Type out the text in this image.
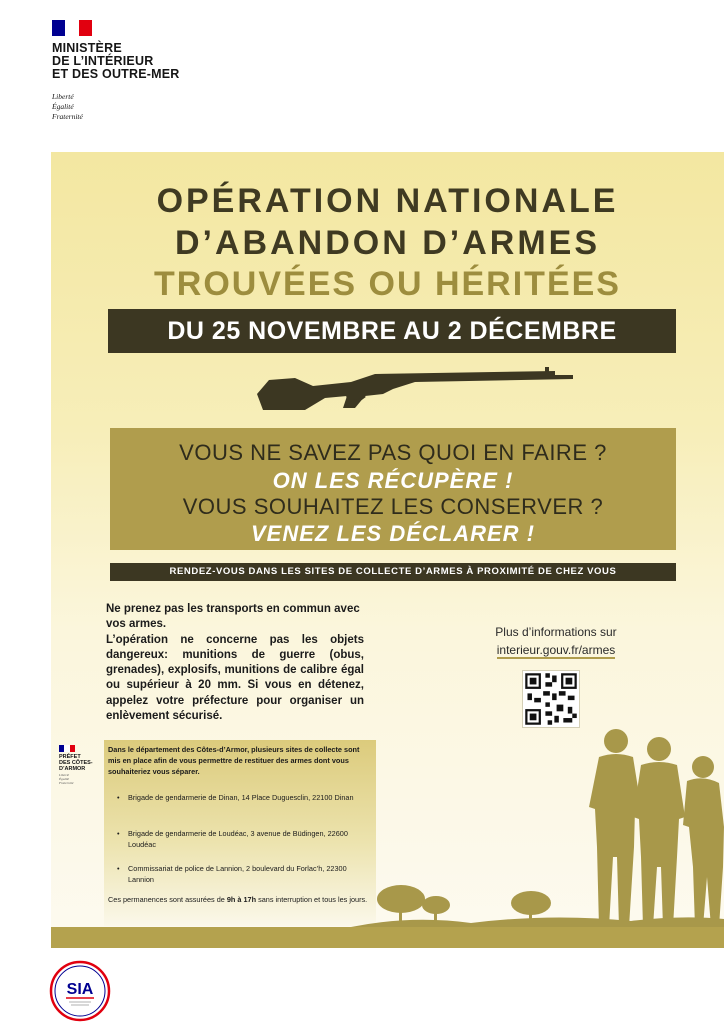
MINISTÈRE
DE L’INTÉRIEUR
ET DES OUTRE-MER
Liberté
Égalité
Fraternité
OPÉRATION NATIONALE
D’ABANDON D’ARMES
TROUVÉES OU HÉRITÉES
DU 25 NOVEMBRE AU 2 DÉCEMBRE
VOUS NE SAVEZ PAS QUOI EN FAIRE ?
ON LES RÉCUPÈRE !
VOUS SOUHAITEZ LES CONSERVER ?
VENEZ LES DÉCLARER !
RENDEZ-VOUS DANS LES SITES DE COLLECTE D’ARMES À PROXIMITÉ DE CHEZ VOUS

Ne prenez pas les transports en commun avec vos armes.

L’opération ne concerne pas les objets dangereux: munitions de guerre (obus, grenades), explosifs, munitions de calibre égal ou supérieur à 20 mm. Si vous en détenez, appelez votre préfecture pour organiser un enlèvement sécurisé.

Plus d’informations sur
interieur.gouv.fr/armes
PRÉFET
DES CÔTES-
D’ARMOR
Liberté
Égalité
Fraternité
Dans le département des Côtes-d’Armor, plusieurs sites de collecte sont mis en place afin de vous permettre de restituer des armes dont vous souhaiteriez vous séparer.
• Brigade de gendarmerie de Dinan, 14 Place Duguesclin, 22100 Dinan
• Brigade de gendarmerie de Loudéac, 3 avenue de Büdingen, 22600 Loudéac
• Commissariat de police de Lannion, 2 boulevard du Forlac’h, 22300 Lannion
Ces permanences sont assurées de 9h à 17h sans interruption et tous les jours.
SIA
